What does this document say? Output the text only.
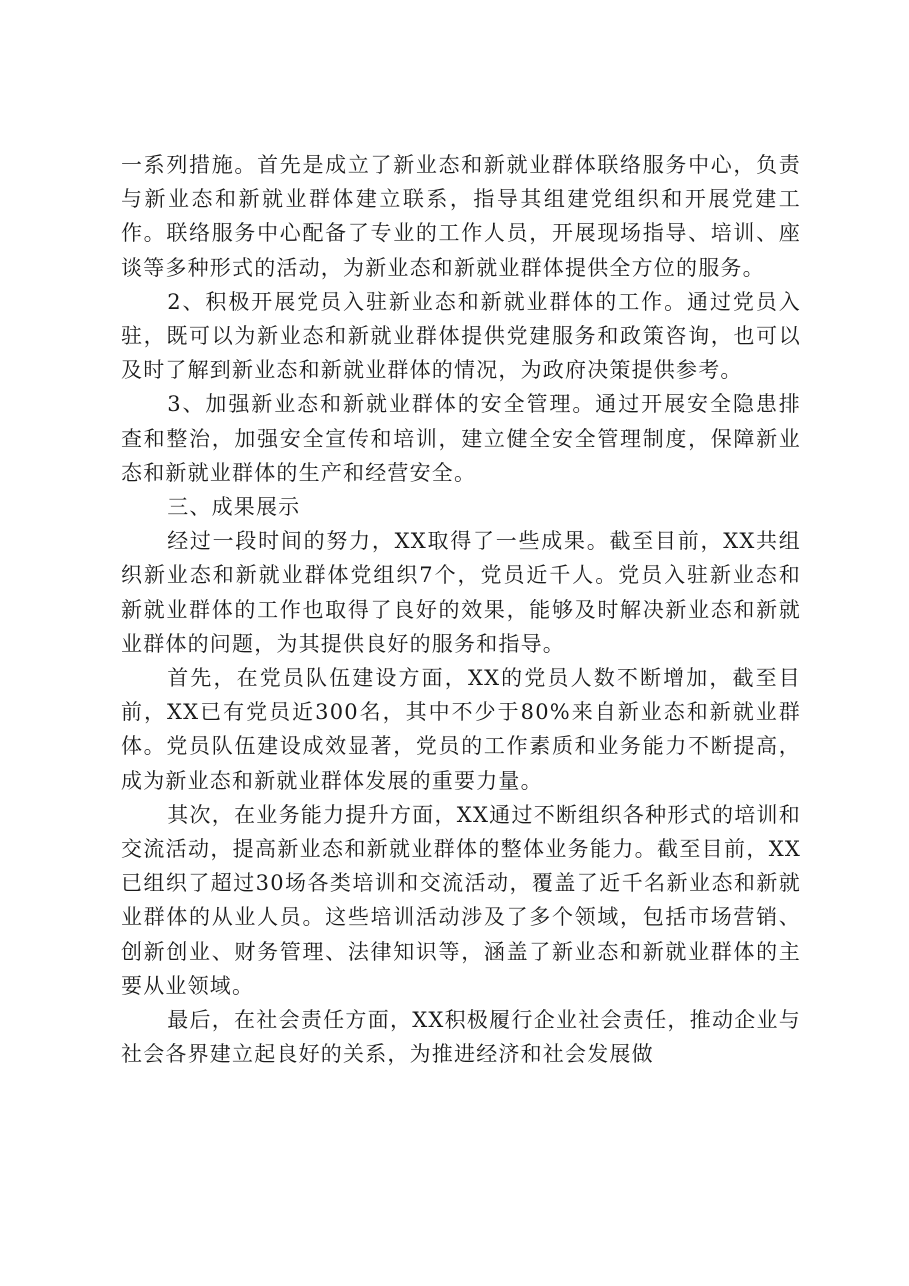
一系列措施。首先是成立了新业态和新就业群体联络服务中心，负责与新业态和新就业群体建立联系，指导其组建党组织和开展党建工作。联络服务中心配备了专业的工作人员，开展现场指导、培训、座谈等多种形式的活动，为新业态和新就业群体提供全方位的服务。

2、积极开展党员入驻新业态和新就业群体的工作。通过党员入驻，既可以为新业态和新就业群体提供党建服务和政策咨询，也可以及时了解到新业态和新就业群体的情况，为政府决策提供参考。

3、加强新业态和新就业群体的安全管理。通过开展安全隐患排查和整治，加强安全宣传和培训，建立健全安全管理制度，保障新业态和新就业群体的生产和经营安全。

三、成果展示

经过一段时间的努力，XX取得了一些成果。截至目前，XX共组织新业态和新就业群体党组织7个，党员近千人。党员入驻新业态和新就业群体的工作也取得了良好的效果，能够及时解决新业态和新就业群体的问题，为其提供良好的服务和指导。

首先，在党员队伍建设方面，XX的党员人数不断增加，截至目前，XX已有党员近300名，其中不少于80%来自新业态和新就业群体。党员队伍建设成效显著，党员的工作素质和业务能力不断提高，成为新业态和新就业群体发展的重要力量。

其次，在业务能力提升方面，XX通过不断组织各种形式的培训和交流活动，提高新业态和新就业群体的整体业务能力。截至目前，XX已组织了超过30场各类培训和交流活动，覆盖了近千名新业态和新就业群体的从业人员。这些培训活动涉及了多个领域，包括市场营销、创新创业、财务管理、法律知识等，涵盖了新业态和新就业群体的主要从业领域。

最后，在社会责任方面，XX积极履行企业社会责任，推动企业与社会各界建立起良好的关系，为推进经济和社会发展做
